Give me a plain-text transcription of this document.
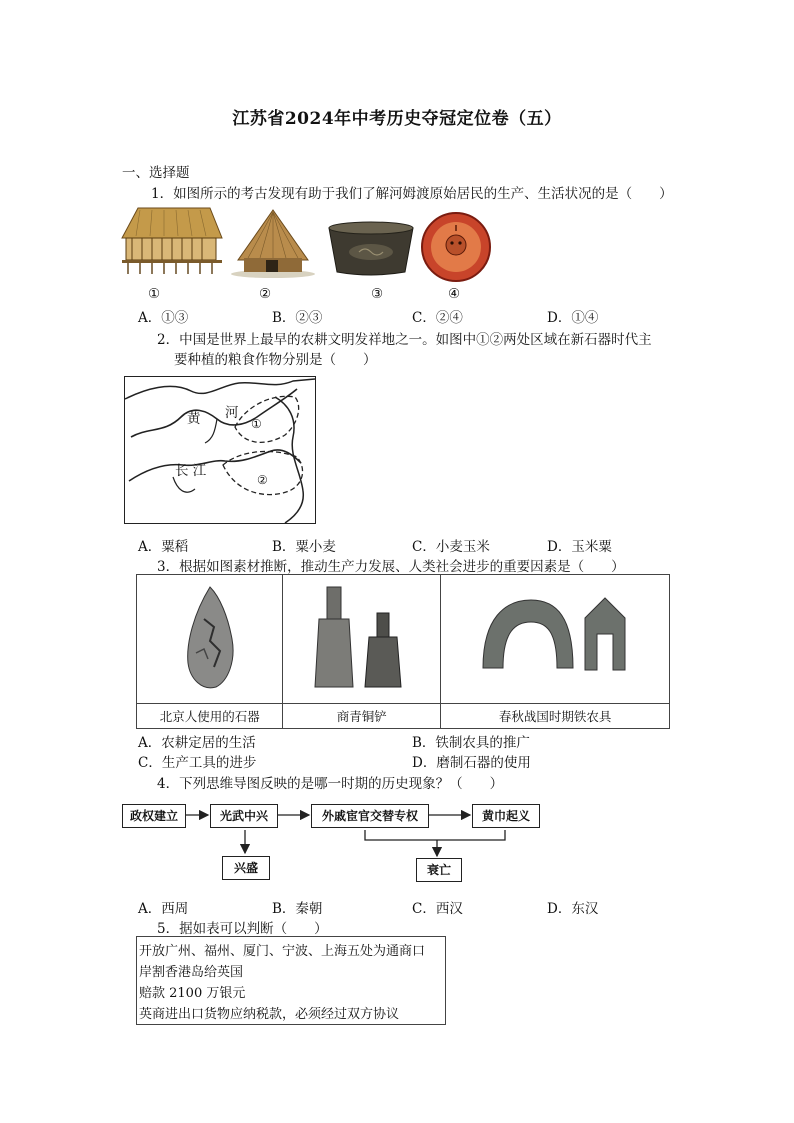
江苏省2024年中考历史夺冠定位卷（五）
一、选择题
1．如图所示的考古发现有助于我们了解河姆渡原始居民的生产、生活状况的是（　　）
①	②	③	④
A．①③	B．②③	C．②④	D．①④
2．中国是世界上最早的农耕文明发祥地之一。如图中①②两处区域在新石器时代主
要种植的粮食作物分别是（　　）
黄 河
①
长 江
②
A．粟稻	B．粟小麦	C．小麦玉米	D．玉米粟
3．根据如图素材推断，推动生产力发展、人类社会进步的重要因素是（　　）

北京人使用的石器	商青铜铲	春秋战国时期铁农具
A．农耕定居的生活	B．铁制农具的推广
C．生产工具的进步	D．磨制石器的使用
4．下列思维导图反映的是哪一时期的历史现象？（　　）
政权建立	光武中兴	外戚宦官交替专权	黄巾起义
兴盛	衰亡
A．西周	B．秦朝	C．西汉	D．东汉
5．据如表可以判断（　　）
开放广州、福州、厦门、宁波、上海五处为通商口
岸割香港岛给英国
赔款 2100 万银元
英商进出口货物应纳税款，必须经过双方协议
